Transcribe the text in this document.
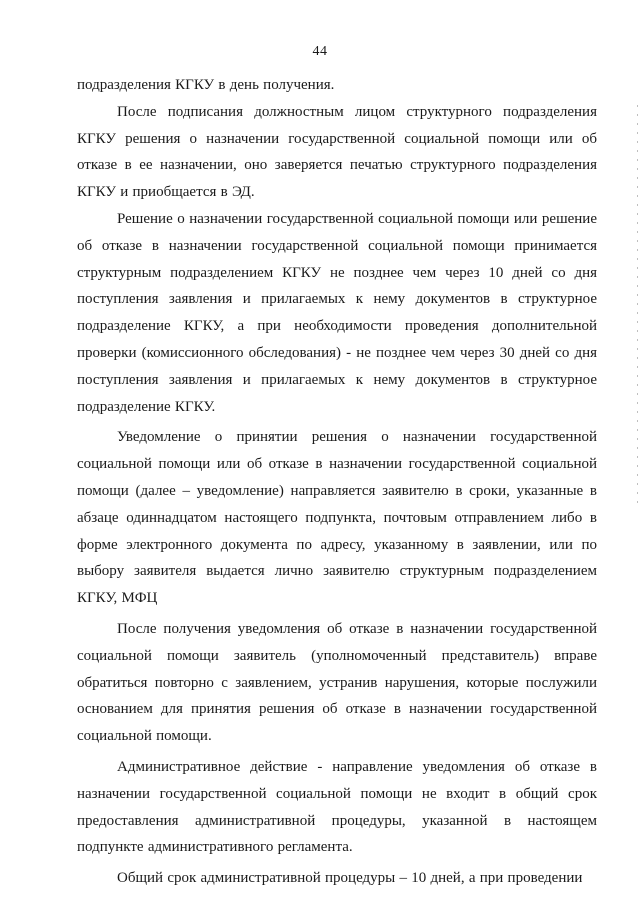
44

подразделения КГКУ в день получения.

После подписания должностным лицом структурного подразделения КГКУ решения о назначении государственной социальной помощи или об отказе в ее назначении, оно заверяется печатью структурного подразделения КГКУ и приобщается в ЭД.

Решение о назначении государственной социальной помощи или решение об отказе в назначении государственной социальной помощи принимается структурным подразделением КГКУ не позднее чем через 10 дней со дня поступления заявления и прилагаемых к нему документов в структурное подразделение КГКУ, а при необходимости проведения дополнительной проверки (комиссионного обследования) - не позднее чем через 30 дней со дня поступления заявления и прилагаемых к нему документов в структурное подразделение КГКУ.

Уведомление о принятии решения о назначении государственной социальной помощи или об отказе в назначении государственной социальной помощи (далее – уведомление) направляется заявителю в сроки, указанные в абзаце одиннадцатом настоящего подпункта, почтовым отправлением либо в форме электронного документа по адресу, указанному в заявлении, или по выбору заявителя выдается лично заявителю структурным подразделением КГКУ, МФЦ

После получения уведомления об отказе в назначении государственной социальной помощи заявитель (уполномоченный представитель) вправе обратиться повторно с заявлением, устранив нарушения, которые послужили основанием для принятия решения об отказе в назначении государственной социальной помощи.

Административное действие - направление уведомления об отказе в назначении государственной социальной помощи не входит в общий срок предоставления административной процедуры, указанной в настоящем подпункте административного регламента.

Общий срок административной процедуры – 10 дней, а при проведении
